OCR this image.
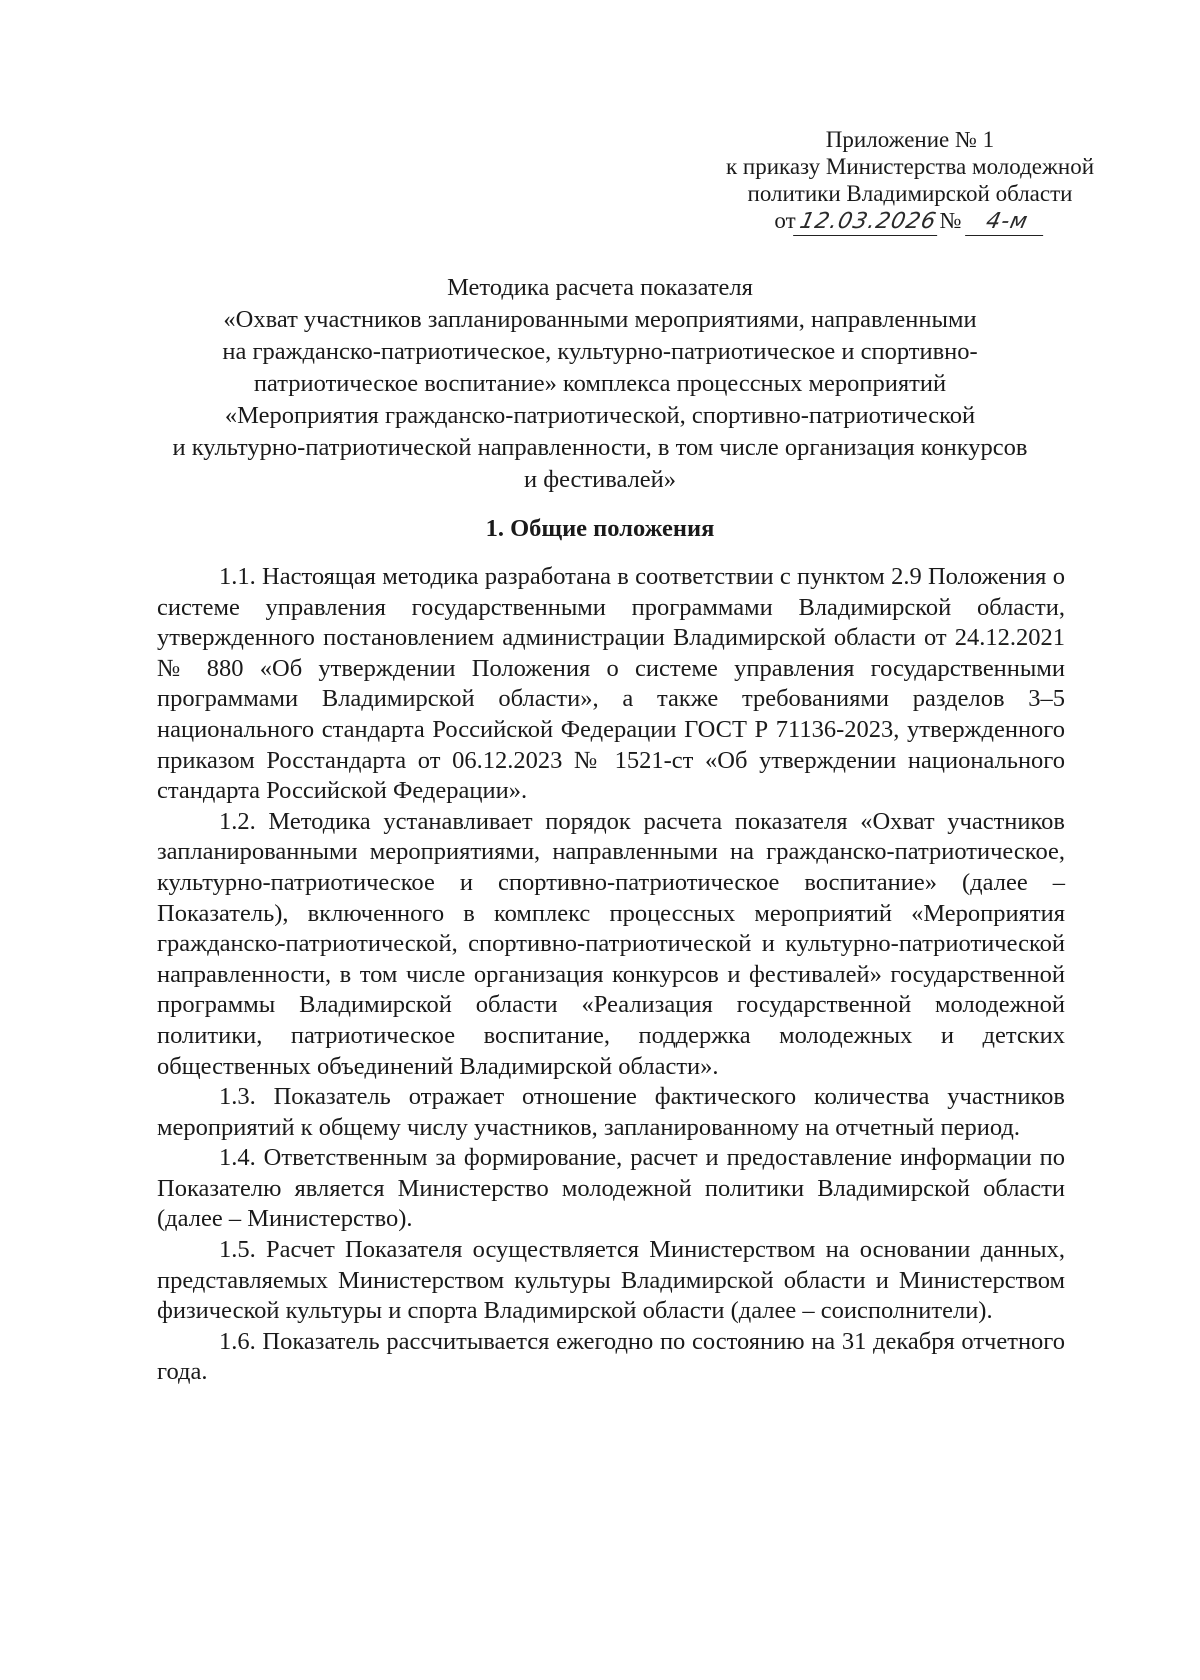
Приложение № 1
к приказу Министерства молодежной
политики Владимирской области
от12.03.2026№ 4-м
Методика расчета показателя
«Охват участников запланированными мероприятиями, направленными
на гражданско-патриотическое, культурно-патриотическое и спортивно-
патриотическое воспитание» комплекса процессных мероприятий
«Мероприятия гражданско-патриотической, спортивно-патриотической
и культурно-патриотической направленности, в том числе организация конкурсов
и фестивалей»
1. Общие положения

1.1. Настоящая методика разработана в соответствии с пунктом 2.9 Положения о системе управления государственными программами Владимирской области, утвержденного постановлением администрации Владимирской области от 24.12.2021 № 880 «Об утверждении Положения о системе управления государственными программами Владимирской области», а также требованиями разделов 3–5 национального стандарта Российской Федерации ГОСТ Р 71136-2023, утвержденного приказом Росстандарта от 06.12.2023 № 1521-ст «Об утверждении национального стандарта Российской Федерации».

1.2. Методика устанавливает порядок расчета показателя «Охват участников запланированными мероприятиями, направленными на гражданско-патриотическое, культурно-патриотическое и спортивно-патриотическое воспитание» (далее – Показатель), включенного в комплекс процессных мероприятий «Мероприятия гражданско-патриотической, спортивно-патриотической и культурно-патриотической направленности, в том числе организация конкурсов и фестивалей» государственной программы Владимирской области «Реализация государственной молодежной политики, патриотическое воспитание, поддержка молодежных и детских общественных объединений Владимирской области».

1.3. Показатель отражает отношение фактического количества участников мероприятий к общему числу участников, запланированному на отчетный период.

1.4. Ответственным за формирование, расчет и предоставление информации по Показателю является Министерство молодежной политики Владимирской области (далее – Министерство).

1.5. Расчет Показателя осуществляется Министерством на основании данных, представляемых Министерством культуры Владимирской области и Министерством физической культуры и спорта Владимирской области (далее – соисполнители).

1.6. Показатель рассчитывается ежегодно по состоянию на 31 декабря отчетного года.
